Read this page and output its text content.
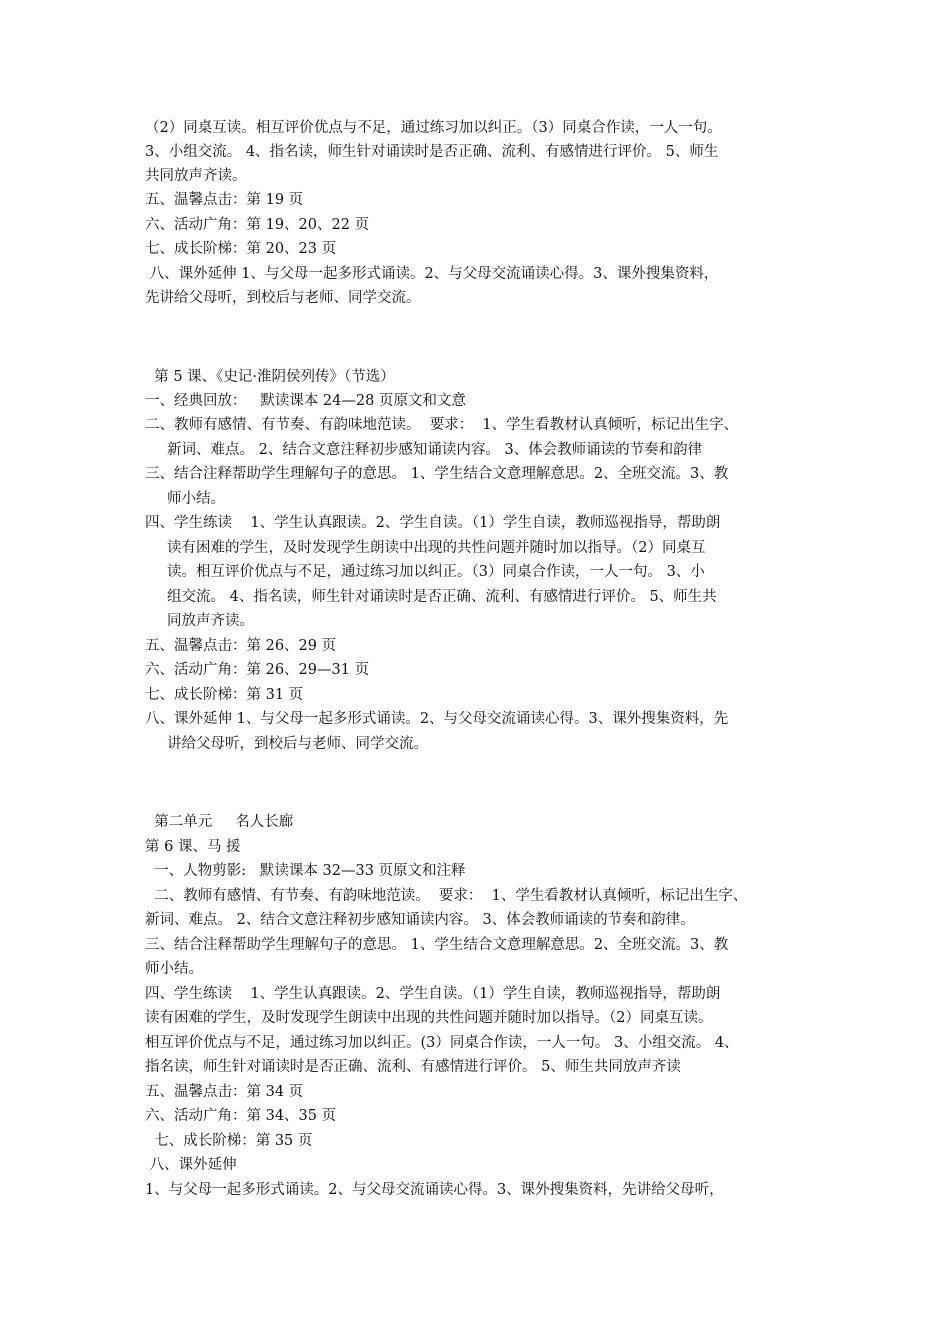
（2）同桌互读。相互评价优点与不足，通过练习加以纠正。（3）同桌合作读，一人一句。
3、小组交流。 4、指名读，师生针对诵读时是否正确、流利、有感情进行评价。 5、师生
共同放声齐读。
五、温馨点击：第 19 页
六、活动广角：第 19、20、22 页
七、成长阶梯：第 20、23 页
八、课外延伸 1、与父母一起多形式诵读。2、与父母交流诵读心得。3、课外搜集资料，
先讲给父母听，到校后与老师、同学交流。
第 5 课、《史记·淮阴侯列传》（节选）
一、经典回放：   默读课本 24—28 页原文和文意
二、教师有感情、有节奏、有韵味地范读。  要求：  1、学生看教材认真倾听，标记出生字、
新词、难点。 2、结合文意注释初步感知诵读内容。 3、体会教师诵读的节奏和韵律
三、结合注释帮助学生理解句子的意思。 1、学生结合文意理解意思。2、全班交流。3、教
师小结。
四、学生练读    1、学生认真跟读。2、学生自读。（1）学生自读，教师巡视指导，帮助朗
读有困难的学生，及时发现学生朗读中出现的共性问题并随时加以指导。（2）同桌互
读。相互评价优点与不足，通过练习加以纠正。（3）同桌合作读，一人一句。 3、小
组交流。 4、指名读，师生针对诵读时是否正确、流利、有感情进行评价。 5、师生共
同放声齐读。
五、温馨点击：第 26、29 页
六、活动广角：第 26、29—31 页
七、成长阶梯：第 31 页
八、课外延伸 1、与父母一起多形式诵读。2、与父母交流诵读心得。3、课外搜集资料，先
讲给父母听，到校后与老师、同学交流。
第二单元     名人长廊
第 6 课、马 援
一、人物剪影:   默读课本 32—33 页原文和注释
二、教师有感情、有节奏、有韵味地范读。  要求：  1、学生看教材认真倾听，标记出生字、
新词、难点。 2、结合文意注释初步感知诵读内容。 3、体会教师诵读的节奏和韵律。
三、结合注释帮助学生理解句子的意思。 1、学生结合文意理解意思。2、全班交流。3、教
师小结。
四、学生练读    1、学生认真跟读。2、学生自读。（1）学生自读，教师巡视指导，帮助朗
读有困难的学生，及时发现学生朗读中出现的共性问题并随时加以指导。（2）同桌互读。
相互评价优点与不足，通过练习加以纠正。(3）同桌合作读，一人一句。 3、小组交流。 4、
指名读，师生针对诵读时是否正确、流利、有感情进行评价。 5、师生共同放声齐读
五、温馨点击：第 34 页
六、活动广角：第 34、35 页
七、成长阶梯：第 35 页
八、课外延伸
1、与父母一起多形式诵读。2、与父母交流诵读心得。3、课外搜集资料，先讲给父母听，
